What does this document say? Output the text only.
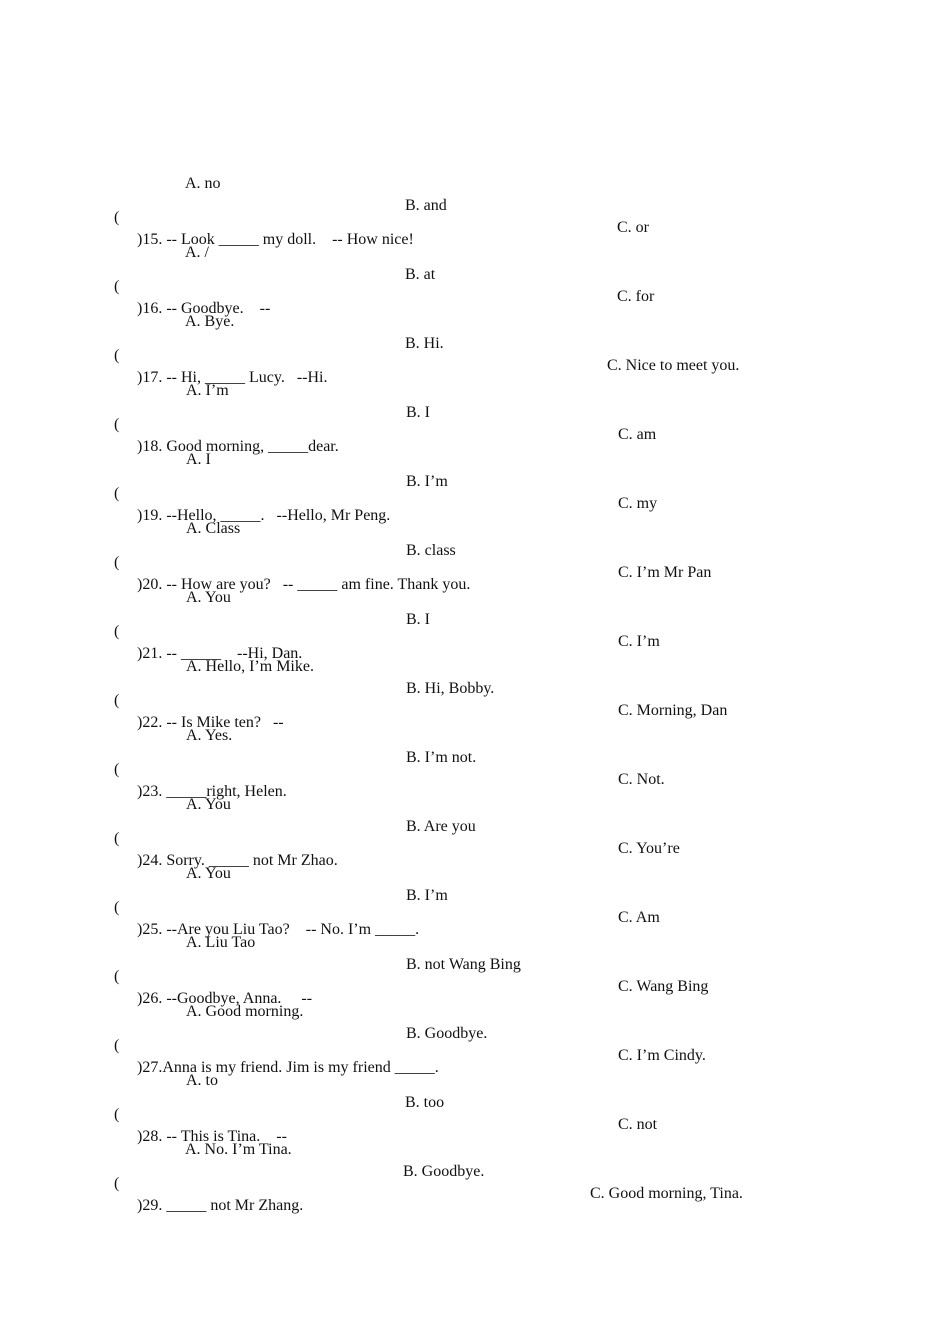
A. no

B. and

C. or

(

)15. -- Look _____ my doll.    -- How nice!

A. /

B. at

C. for

(

)16. -- Goodbye.    --

A. Bye.

B. Hi.

C. Nice to meet you.

(

)17. -- Hi, _____ Lucy.   --Hi.

A. I’m

B. I

C. am

(

)18. Good morning, _____dear.

A. I

B. I’m

C. my

(

)19. --Hello, _____.   --Hello, Mr Peng.

A. Class

B. class

C. I’m Mr Pan

(

)20. -- How are you?   -- _____ am fine. Thank you.

A. You

B. I

C. I’m

(

)21. -- _____    --Hi, Dan.

A. Hello, I’m Mike.

B. Hi, Bobby.

C. Morning, Dan

(

)22. -- Is Mike ten?   --

A. Yes.

B. I’m not.

C. Not.

(

)23. _____right, Helen.

A. You

B. Are you

C. You’re

(

)24. Sorry. _____ not Mr Zhao.

A. You

B. I’m

C. Am

(

)25. --Are you Liu Tao?    -- No. I’m _____.

A. Liu Tao

B. not Wang Bing

C. Wang Bing

(

)26. --Goodbye, Anna.     --

A. Good morning.

B. Goodbye.

C. I’m Cindy.

(

)27.Anna is my friend. Jim is my friend _____.

A. to

B. too

C. not

(

)28. -- This is Tina.    --

A. No. I’m Tina.

B. Goodbye.

C. Good morning, Tina.

(

)29. _____ not Mr Zhang.
